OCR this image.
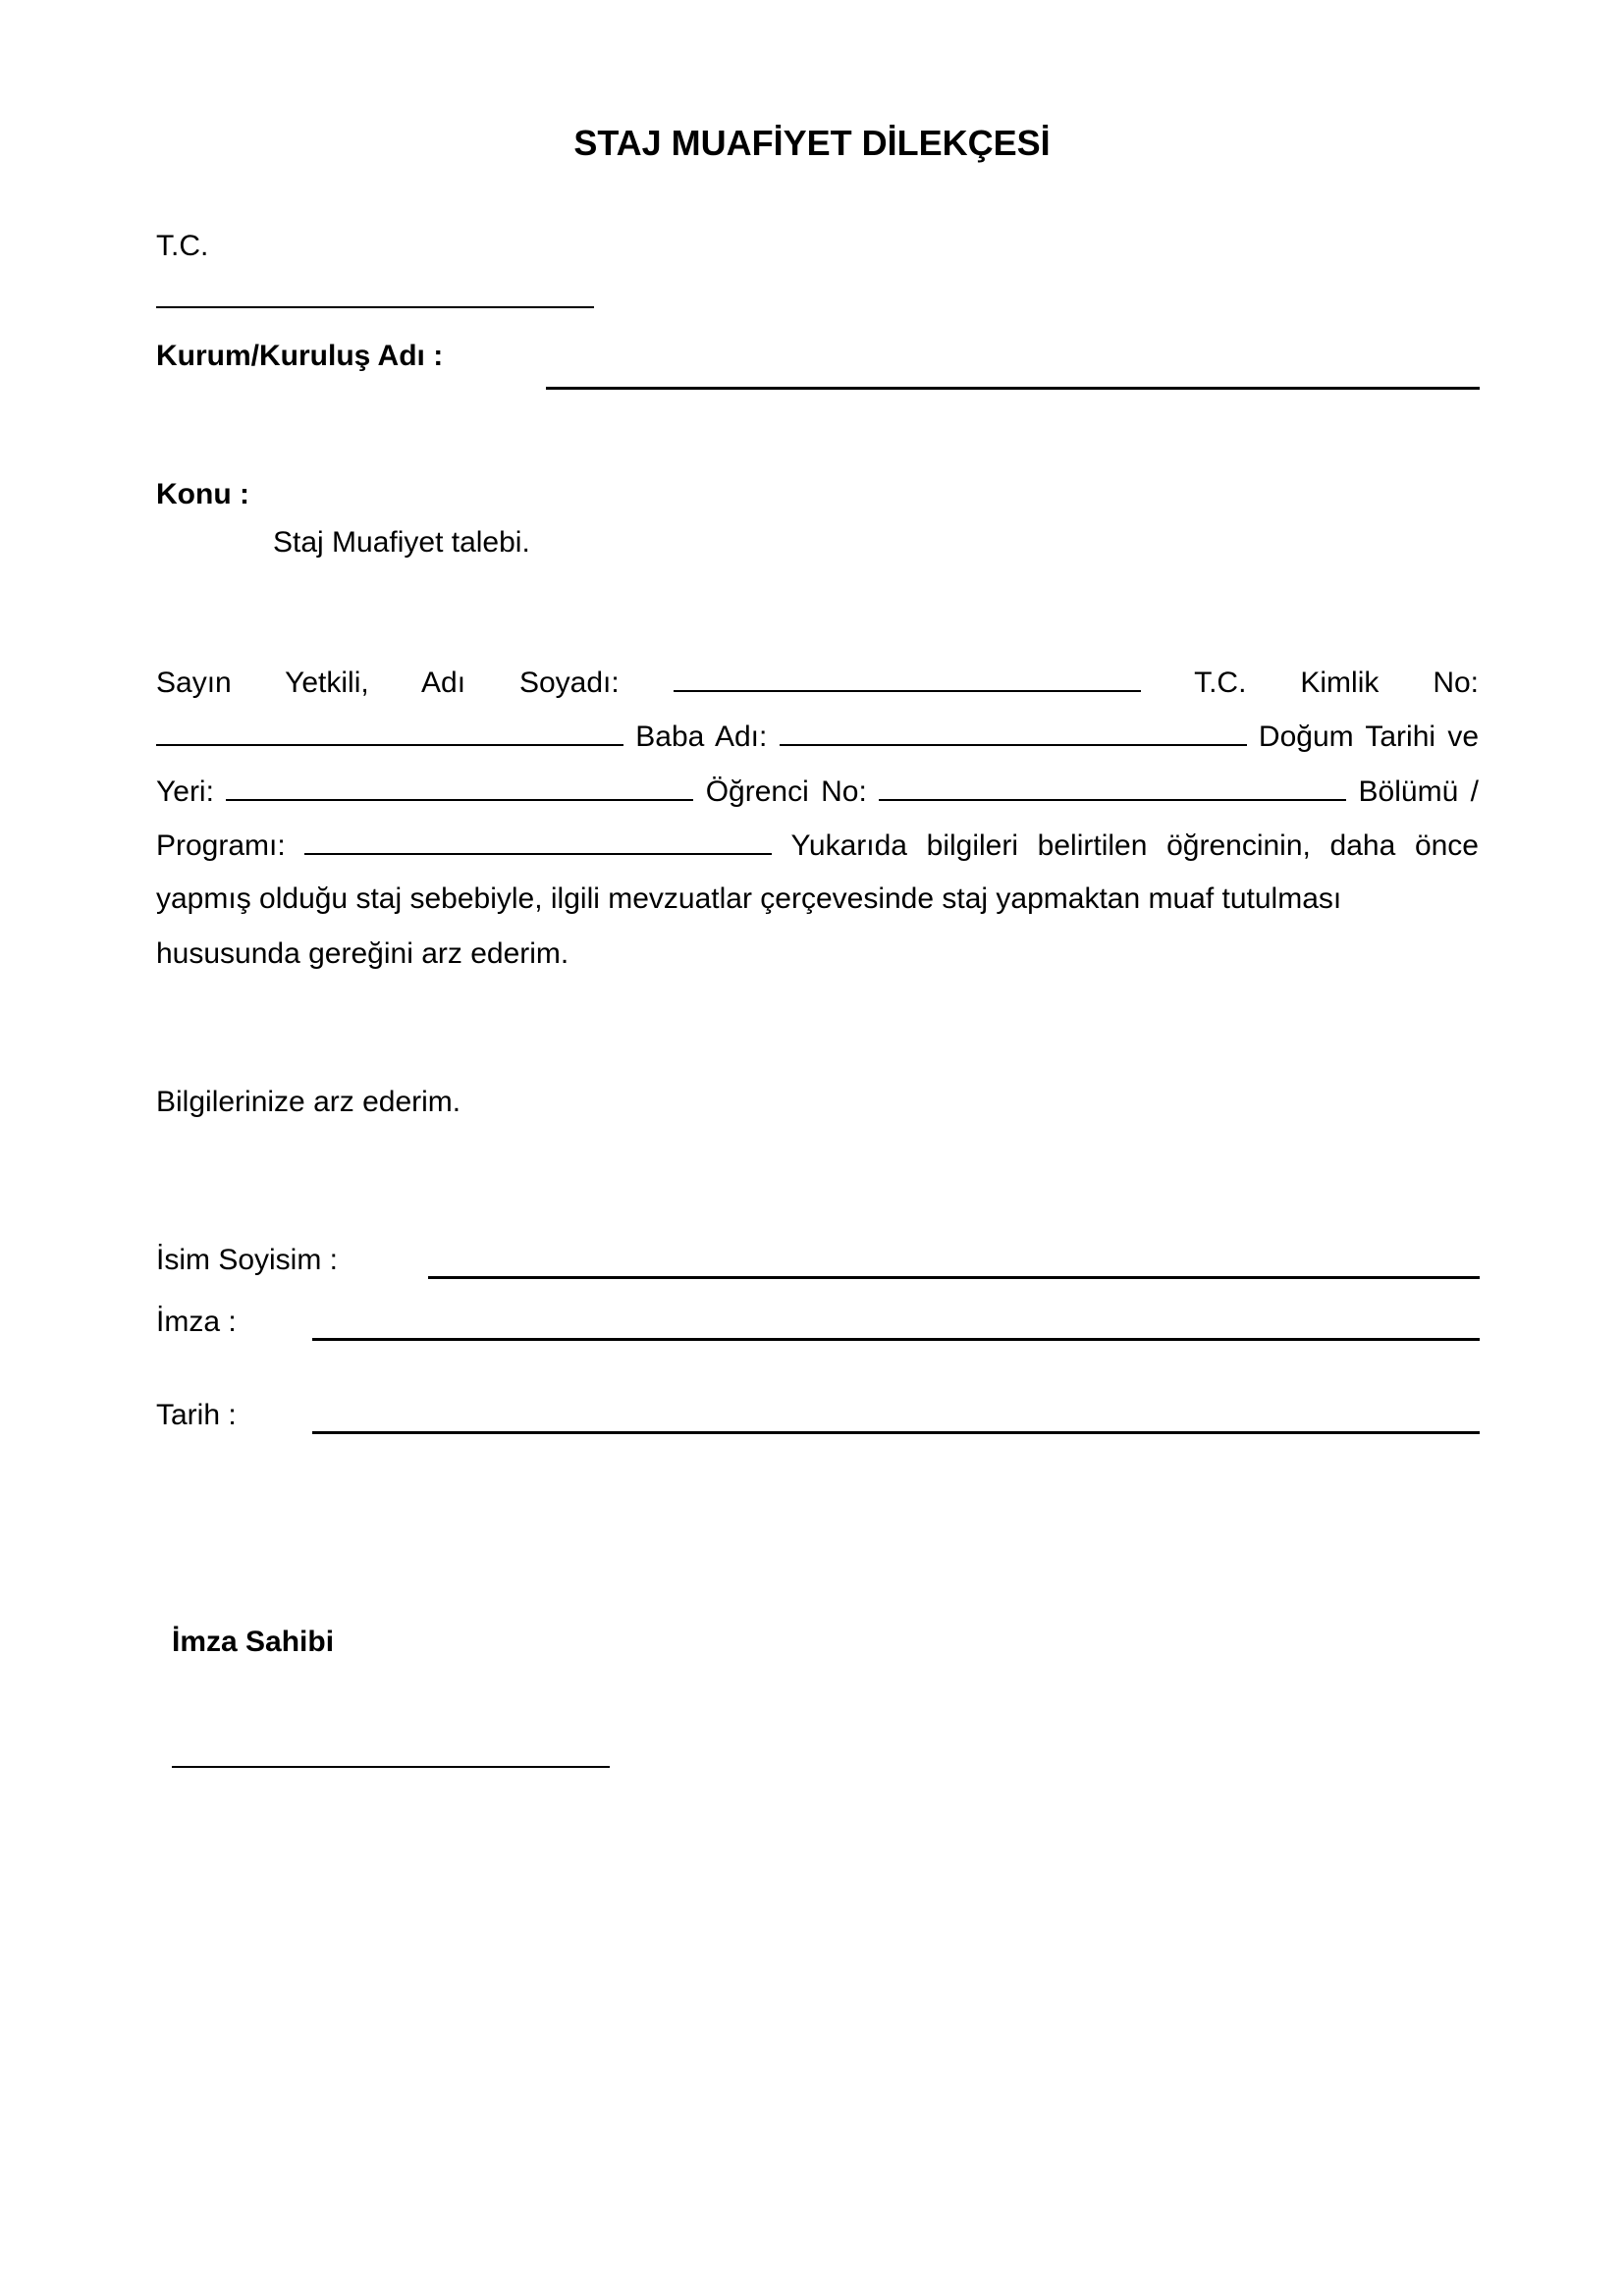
STAJ MUAFİYET DİLEKÇESİ
T.C.
Kurum/Kuruluş Adı :
Konu :
Staj Muafiyet talebi.
Sayın Yetkili, Adı Soyadı:	T.C. Kimlik No:
Baba Adı:	Doğum Tarihi ve
Yeri:	Öğrenci No:	Bölümü /
Programı:	Yukarıda bilgileri belirtilen öğrencinin, daha önce
yapmış olduğu staj sebebiyle, ilgili mevzuatlar çerçevesinde staj yapmaktan muaf tutulması
hususunda gereğini arz ederim.
Bilgilerinize arz ederim.
İsim Soyisim :
İmza :
Tarih :
İmza Sahibi
